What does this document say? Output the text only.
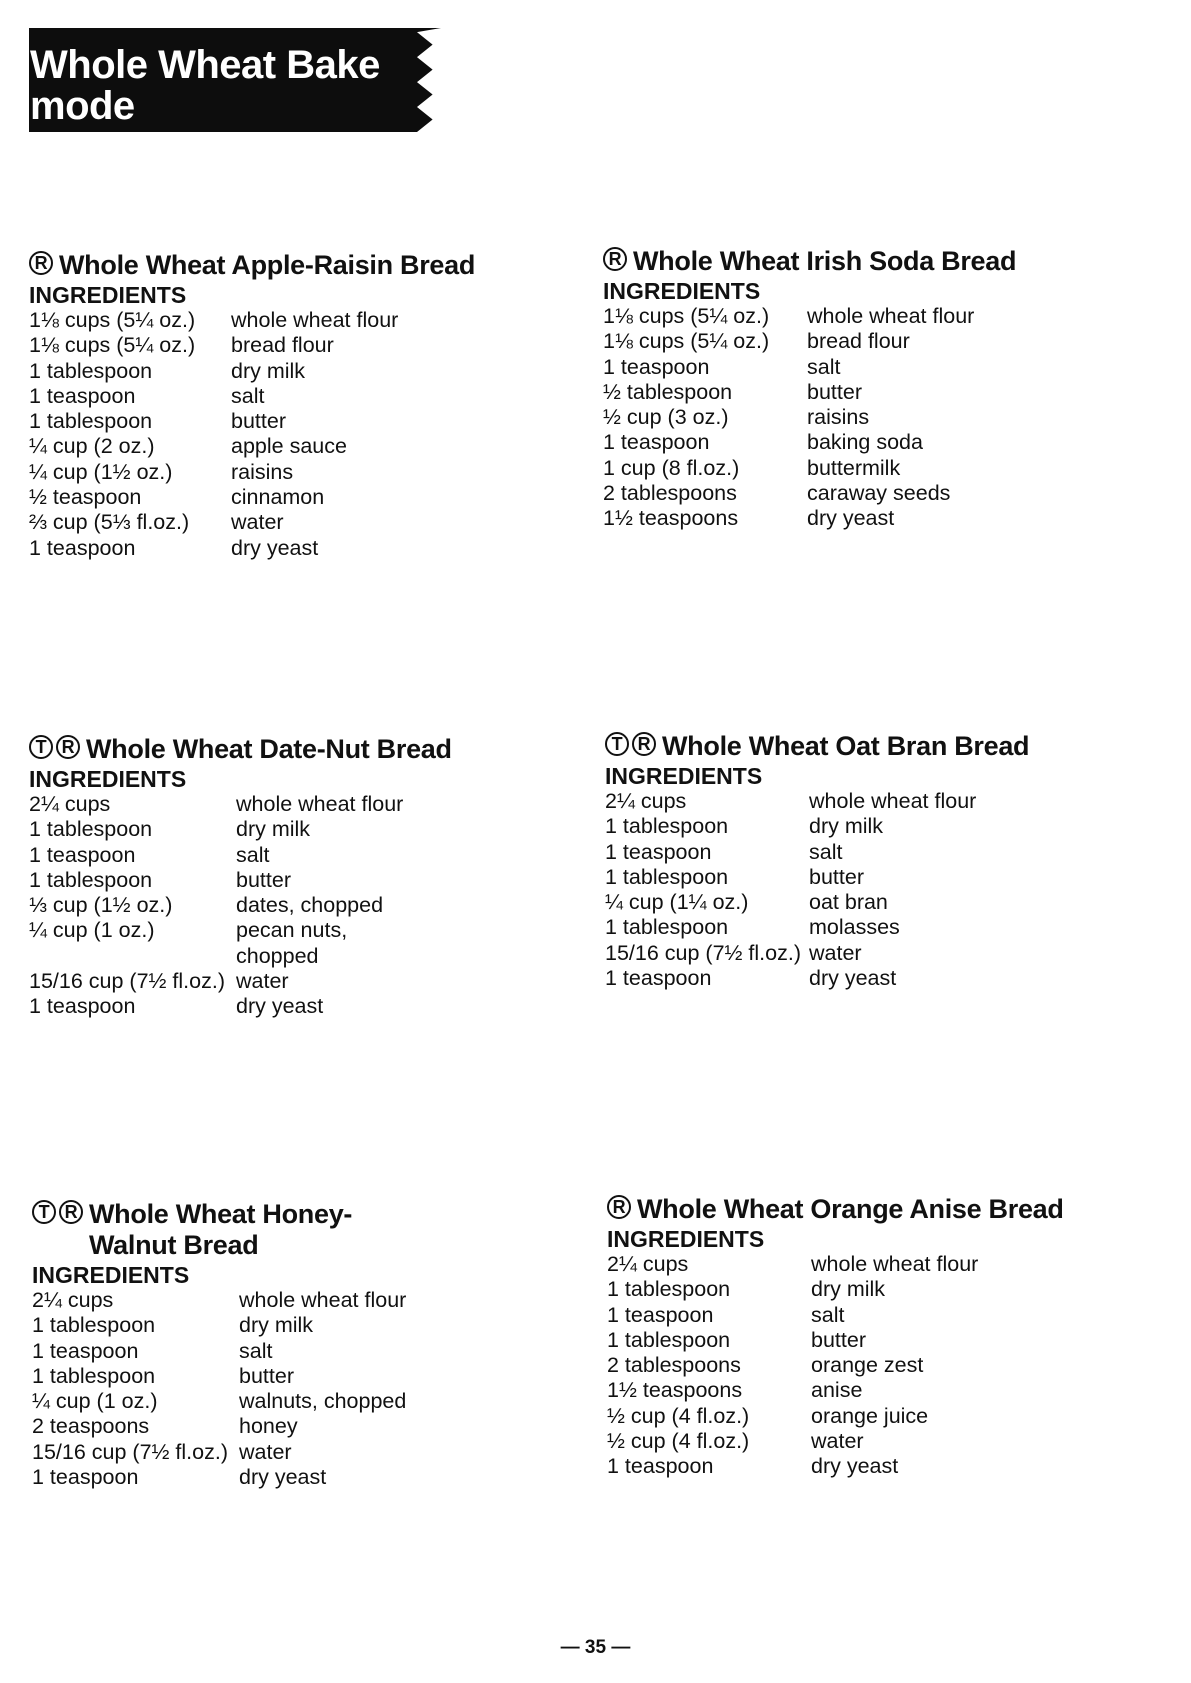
Whole Wheat Bake
mode
R Whole Wheat Apple-Raisin Bread
INGREDIENTS
1⅛ cups (5¼ oz.)	whole wheat flour
1⅛ cups (5¼ oz.)	bread flour
1 tablespoon	dry milk
1 teaspoon	salt
1 tablespoon	butter
¼ cup (2 oz.)	apple sauce
¼ cup (1½ oz.)	raisins
½ teaspoon	cinnamon
⅔ cup (5⅓ fl.oz.)	water
1 teaspoon	dry yeast
R Whole Wheat Irish Soda Bread
INGREDIENTS
1⅛ cups (5¼ oz.)	whole wheat flour
1⅛ cups (5¼ oz.)	bread flour
1 teaspoon	salt
½ tablespoon	butter
½ cup (3 oz.)	raisins
1 teaspoon	baking soda
1 cup (8 fl.oz.)	buttermilk
2 tablespoons	caraway seeds
1½ teaspoons	dry yeast
T R Whole Wheat Date-Nut Bread
INGREDIENTS
2¼ cups	whole wheat flour
1 tablespoon	dry milk
1 teaspoon	salt
1 tablespoon	butter
⅓ cup (1½ oz.)	dates, chopped
¼ cup (1 oz.)	pecan nuts,
chopped
15/16 cup (7½ fl.oz.) water
1 teaspoon	dry yeast
T R Whole Wheat Oat Bran Bread
INGREDIENTS
2¼ cups	whole wheat flour
1 tablespoon	dry milk
1 teaspoon	salt
1 tablespoon	butter
¼ cup (1¼ oz.)	oat bran
1 tablespoon	molasses
15/16 cup (7½ fl.oz.) water
1 teaspoon	dry yeast
T R Whole Wheat Honey-Walnut Bread
INGREDIENTS
2¼ cups	whole wheat flour
1 tablespoon	dry milk
1 teaspoon	salt
1 tablespoon	butter
¼ cup (1 oz.)	walnuts, chopped
2 teaspoons	honey
15/16 cup (7½ fl.oz.) water
1 teaspoon	dry yeast
R Whole Wheat Orange Anise Bread
INGREDIENTS
2¼ cups	whole wheat flour
1 tablespoon	dry milk
1 teaspoon	salt
1 tablespoon	butter
2 tablespoons	orange zest
1½ teaspoons	anise
½ cup (4 fl.oz.)	orange juice
½ cup (4 fl.oz.)	water
1 teaspoon	dry yeast
— 35 —
